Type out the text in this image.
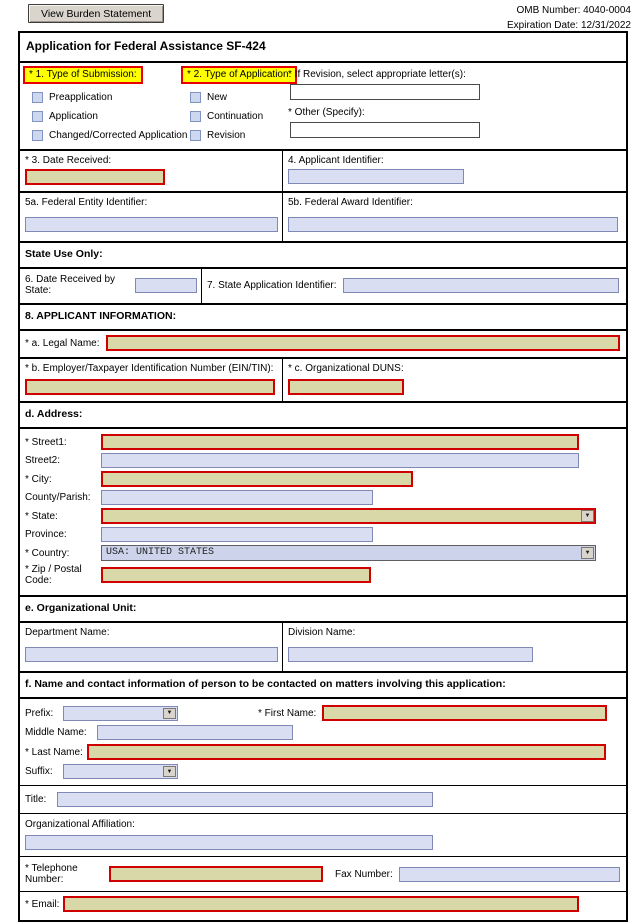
View Burden Statement	OMB Number: 4040-0004
Expiration Date: 12/31/2022
Application for Federal Assistance SF-424
* 1. Type of Submission:
Preapplication
Application
Changed/Corrected Application
* 2. Type of Application:
New
Continuation
Revision
* If Revision, select appropriate letter(s):
* Other (Specify):
* 3. Date Received:	4. Applicant Identifier:
5a. Federal Entity Identifier:	5b. Federal Award Identifier:
State Use Only:
6. Date Received by State:	7. State Application Identifier:
8. APPLICANT INFORMATION:
* a. Legal Name:
* b. Employer/Taxpayer Identification Number (EIN/TIN):	* c. Organizational DUNS:
d. Address:
* Street1:
Street2:
* City:
County/Parish:
* State:	▼
Province:
* Country:	USA: UNITED STATES	▼
* Zip / Postal Code:
e. Organizational Unit:
Department Name:	Division Name:
f. Name and contact information of person to be contacted on matters involving this application:
Prefix:	▼	* First Name:
Middle Name:
* Last Name:
Suffix:	▼
Title:
Organizational Affiliation:
* Telephone Number:	Fax Number:
* Email:
